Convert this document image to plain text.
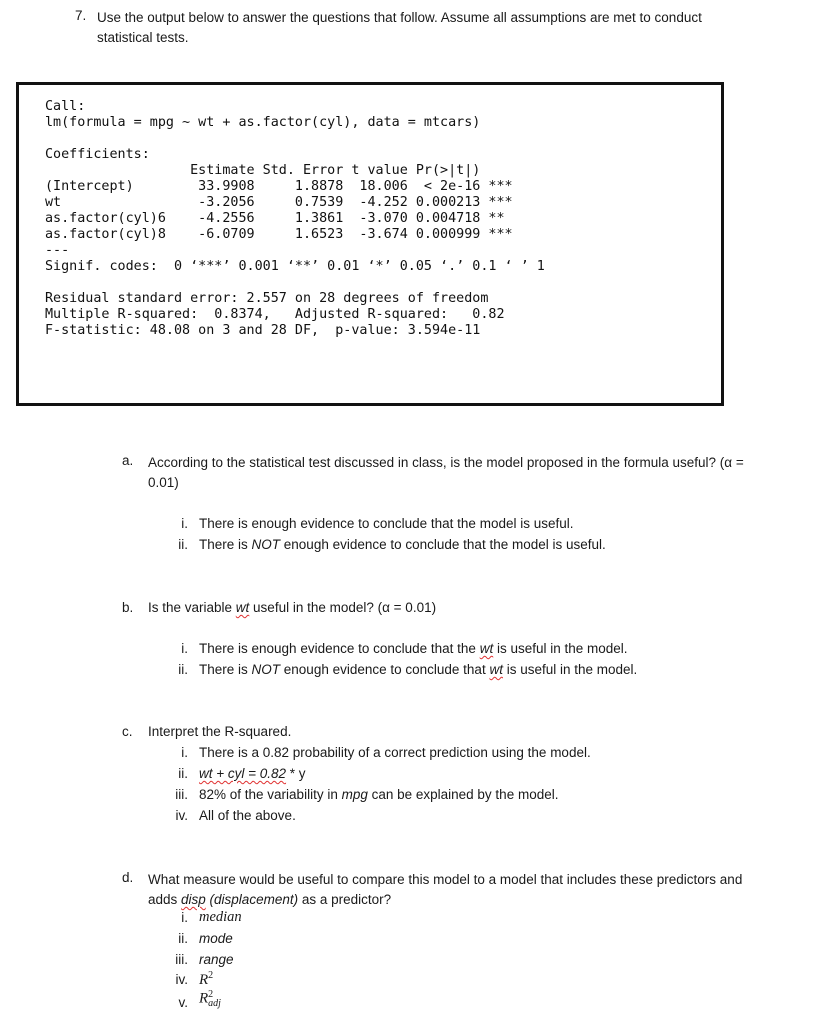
7. Use the output below to answer the questions that follow. Assume all assumptions are met to conduct
statistical tests.
Call:
lm(formula = mpg ~ wt + as.factor(cyl), data = mtcars)

Coefficients:
Estimate Std. Error t value Pr(>|t|)
(Intercept)        33.9908     1.8878  18.006  < 2e-16 ***
wt                 -3.2056     0.7539  -4.252 0.000213 ***
as.factor(cyl)6    -4.2556     1.3861  -3.070 0.004718 **
as.factor(cyl)8    -6.0709     1.6523  -3.674 0.000999 ***
---
Signif. codes:  0 ‘***’ 0.001 ‘**’ 0.01 ‘*’ 0.05 ‘.’ 0.1 ‘ ’ 1

Residual standard error: 2.557 on 28 degrees of freedom
Multiple R-squared:  0.8374,   Adjusted R-squared:   0.82
F-statistic: 48.08 on 3 and 28 DF,  p-value: 3.594e-11
a.	According to the statistical test discussed in class, is the model proposed in the formula useful? (α =
0.01)
i. There is enough evidence to conclude that the model is useful.
ii. There is NOT enough evidence to conclude that the model is useful.
b.	Is the variable wt useful in the model? (α = 0.01)
i. There is enough evidence to conclude that the wt is useful in the model.
ii. There is NOT enough evidence to conclude that wt is useful in the model.
c.	Interpret the R-squared.
i. There is a 0.82 probability of a correct prediction using the model.
ii. wt + cyl = 0.82 * y
iii. 82% of the variability in mpg can be explained by the model.
iv. All of the above.
d.	What measure would be useful to compare this model to a model that includes these predictors and
adds disp (displacement) as a predictor?
i. median
ii. mode
iii. range
iv. $R^2$
v. R 2
adj
